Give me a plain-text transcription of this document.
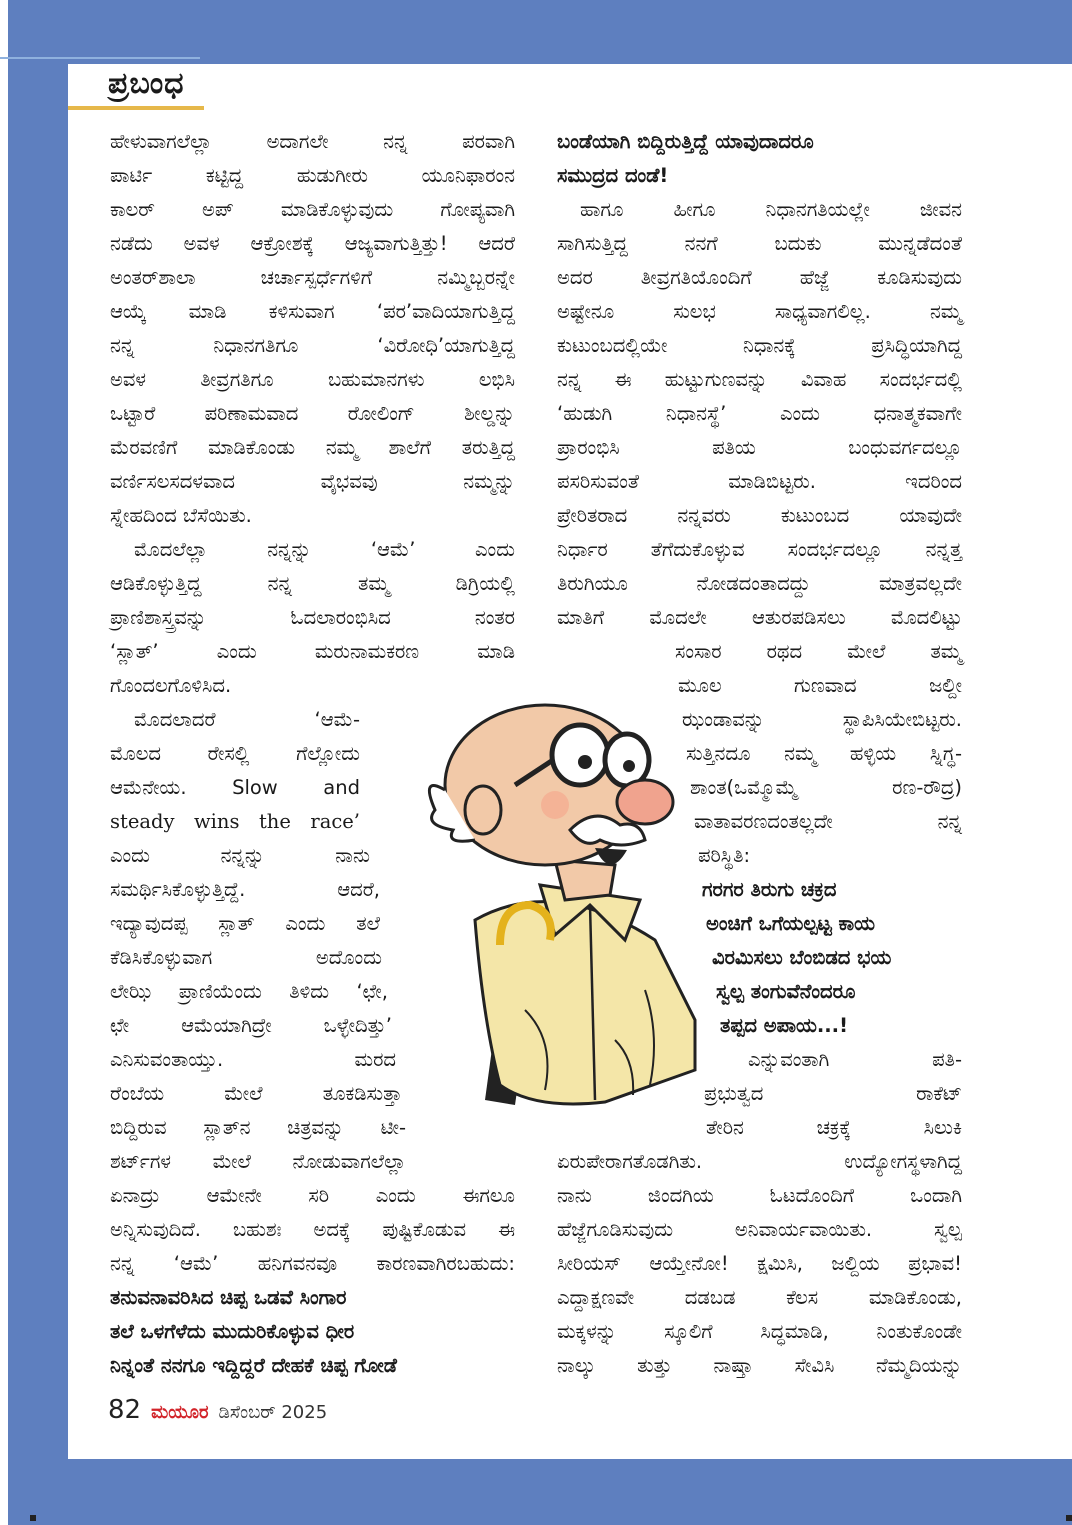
ಪ್ರಬಂಧ

ಹೇಳುವಾಗಲೆಲ್ಲಾ ಅದಾಗಲೇ ನನ್ನ ಪರವಾಗಿ

ಪಾರ್ಟಿ ಕಟ್ಟಿದ್ದ ಹುಡುಗೀರು ಯೂನಿಫಾರಂನ

ಕಾಲರ್ ಅಪ್ ಮಾಡಿಕೊಳ್ಳುವುದು ಗೋಪ್ಯವಾಗಿ

ನಡೆದು ಅವಳ ಆಕ್ರೋಶಕ್ಕೆ ಆಜ್ಯವಾಗುತ್ತಿತ್ತು! ಆದರೆ

ಅಂತರ್‌ಶಾಲಾ ಚರ್ಚಾಸ್ಪರ್ಧೆಗಳಿಗೆ ನಮ್ಮಿಬ್ಬರನ್ನೇ

ಆಯ್ಕೆ ಮಾಡಿ ಕಳಿಸುವಾಗ ‘ಪರ’ವಾದಿಯಾಗುತ್ತಿದ್ದ

ನನ್ನ ನಿಧಾನಗತಿಗೂ ‘ವಿರೋಧಿ’ಯಾಗುತ್ತಿದ್ದ

ಅವಳ ತೀವ್ರಗತಿಗೂ ಬಹುಮಾನಗಳು ಲಭಿಸಿ

ಒಟ್ಟಾರೆ ಪರಿಣಾಮವಾದ ರೋಲಿಂಗ್ ಶೀಲ್ಡನ್ನು

ಮೆರವಣಿಗೆ ಮಾಡಿಕೊಂಡು ನಮ್ಮ ಶಾಲೆಗೆ ತರುತ್ತಿದ್ದ

ವರ್ಣಿಸಲಸದಳವಾದ ವೈಭವವು ನಮ್ಮನ್ನು

ಸ್ನೇಹದಿಂದ ಬೆಸೆಯಿತು.

ಮೊದಲೆಲ್ಲಾ ನನ್ನನ್ನು ‘ಆಮೆ’ ಎಂದು

ಆಡಿಕೊಳ್ಳುತ್ತಿದ್ದ ನನ್ನ ತಮ್ಮ ಡಿಗ್ರಿಯಲ್ಲಿ

ಪ್ರಾಣಿಶಾಸ್ತ್ರವನ್ನು ಓದಲಾರಂಭಿಸಿದ ನಂತರ

‘ಸ್ಲಾತ್’ ಎಂದು ಮರುನಾಮಕರಣ ಮಾಡಿ

ಗೊಂದಲಗೊಳಿಸಿದ.

ಮೊದಲಾದರೆ ‘ಆಮೆ-

ಮೊಲದ ರೇಸಲ್ಲಿ ಗೆಲ್ಲೋದು

ಆಮೆನೇಯ. Slow and

steady wins the race’

ಎಂದು ನನ್ನನ್ನು ನಾನು

ಸಮರ್ಥಿಸಿಕೊಳ್ಳುತ್ತಿದ್ದೆ. ಆದರೆ,

ಇದ್ಯಾವುದಪ್ಪ ಸ್ಲಾತ್ ಎಂದು ತಲೆ

ಕೆಡಿಸಿಕೊಳ್ಳುವಾಗ ಅದೊಂದು

ಲೇಝಿ ಪ್ರಾಣಿಯೆಂದು ತಿಳಿದು ‘ಛೇ,

ಛೇ ಆಮೆಯಾಗಿದ್ರೇ ಒಳ್ಳೇದಿತ್ತು’

ಎನಿಸುವಂತಾಯ್ತು. ಮರದ

ರೆಂಬೆಯ ಮೇಲೆ ತೂಕಡಿಸುತ್ತಾ

ಬಿದ್ದಿರುವ ಸ್ಲಾತ್‌ನ ಚಿತ್ರವನ್ನು ಟೀ-

ಶರ್ಟ್‌ಗಳ ಮೇಲೆ ನೋಡುವಾಗಲೆಲ್ಲಾ

ಏನಾದ್ರು ಆಮೇನೇ ಸರಿ ಎಂದು ಈಗಲೂ

ಅನ್ನಿಸುವುದಿದೆ. ಬಹುಶಃ ಅದಕ್ಕೆ ಪುಷ್ಟಿಕೊಡುವ ಈ

ನನ್ನ ‘ಆಮೆ’ ಹನಿಗವನವೂ ಕಾರಣವಾಗಿರಬಹುದು:

ತನುವನಾವರಿಸಿದ ಚಿಪ್ಪ ಒಡವೆ ಸಿಂಗಾರ

ತಲೆ ಒಳಗೆಳೆದು ಮುದುರಿಕೊಳ್ಳುವ ಧೀರ

ನಿನ್ನಂತೆ ನನಗೂ ಇದ್ದಿದ್ದರೆ ದೇಹಕೆ ಚಿಪ್ಪ ಗೋಡೆ

ಬಂಡೆಯಾಗಿ ಬಿದ್ದಿರುತ್ತಿದ್ದೆ ಯಾವುದಾದರೂ

ಸಮುದ್ರದ ದಂಡೆ!

ಹಾಗೂ ಹೀಗೂ ನಿಧಾನಗತಿಯಲ್ಲೇ ಜೀವನ

ಸಾಗಿಸುತ್ತಿದ್ದ ನನಗೆ ಬದುಕು ಮುನ್ನಡೆದಂತೆ

ಅದರ ತೀವ್ರಗತಿಯೊಂದಿಗೆ ಹೆಜ್ಜೆ ಕೂಡಿಸುವುದು

ಅಷ್ಟೇನೂ ಸುಲಭ ಸಾಧ್ಯವಾಗಲಿಲ್ಲ. ನಮ್ಮ

ಕುಟುಂಬದಲ್ಲಿಯೇ ನಿಧಾನಕ್ಕೆ ಪ್ರಸಿದ್ಧಿಯಾಗಿದ್ದ

ನನ್ನ ಈ ಹುಟ್ಟುಗುಣವನ್ನು ವಿವಾಹ ಸಂದರ್ಭದಲ್ಲಿ

‘ಹುಡುಗಿ ನಿಧಾನಸ್ಥೆ’ ಎಂದು ಧನಾತ್ಮಕವಾಗೇ

ಪ್ರಾರಂಭಿಸಿ ಪತಿಯ ಬಂಧುವರ್ಗದಲ್ಲೂ

ಪಸರಿಸುವಂತೆ ಮಾಡಿಬಿಟ್ಟರು. ಇದರಿಂದ

ಪ್ರೇರಿತರಾದ ನನ್ನವರು ಕುಟುಂಬದ ಯಾವುದೇ

ನಿರ್ಧಾರ ತೆಗೆದುಕೊಳ್ಳುವ ಸಂದರ್ಭದಲ್ಲೂ ನನ್ನತ್ತ

ತಿರುಗಿಯೂ ನೋಡದಂತಾದದ್ದು ಮಾತ್ರವಲ್ಲದೇ

ಮಾತಿಗೆ ಮೊದಲೇ ಆತುರಪಡಿಸಲು ಮೊದಲಿಟ್ಟು

ಸಂಸಾರ ರಥದ ಮೇಲೆ ತಮ್ಮ

ಮೂಲ ಗುಣವಾದ ಜಲ್ದೀ

ಝಂಡಾವನ್ನು ಸ್ಥಾಪಿಸಿಯೇಬಿಟ್ಟರು.

ಸುತ್ತಿನದೂ ನಮ್ಮ ಹಳ್ಳಿಯ ಸ್ನಿಗ್ಧ-

ಶಾಂತ(ಒಮ್ಮೊಮ್ಮೆ ರಣ-ರೌದ್ರ)

ವಾತಾವರಣದಂತಲ್ಲದೇ ನನ್ನ

ಪರಿಸ್ಥಿತಿ:

ಗರಗರ ತಿರುಗು ಚಕ್ರದ

ಅಂಚಿಗೆ ಒಗೆಯಲ್ಪಟ್ಟ ಕಾಯ

ವಿರಮಿಸಲು ಬೆಂಬಿಡದ ಭಯ

ಸ್ವಲ್ಪ ತಂಗುವೆನೆಂದರೂ

ತಪ್ಪದ ಅಪಾಯ...!

ಎನ್ನುವಂತಾಗಿ ಪತಿ-

ಪ್ರಭುತ್ವದ ರಾಕೆಟ್

ತೇರಿನ ಚಕ್ರಕ್ಕೆ ಸಿಲುಕಿ

ಏರುಪೇರಾಗತೊಡಗಿತು. ಉದ್ಯೋಗಸ್ಥಳಾಗಿದ್ದ

ನಾನು ಜಿಂದಗಿಯ ಓಟದೊಂದಿಗೆ ಒಂದಾಗಿ

ಹೆಜ್ಜೆಗೂಡಿಸುವುದು ಅನಿವಾರ್ಯವಾಯಿತು. ಸ್ವಲ್ಪ

ಸೀರಿಯಸ್ ಆಯ್ತೇನೋ! ಕ್ಷಮಿಸಿ, ಜಲ್ದಿಯ ಪ್ರಭಾವ!

ಎದ್ದಾಕ್ಷಣವೇ ದಡಬಡ ಕೆಲಸ ಮಾಡಿಕೊಂಡು,

ಮಕ್ಕಳನ್ನು ಸ್ಕೂಲಿಗೆ ಸಿದ್ಧಮಾಡಿ, ನಿಂತುಕೊಂಡೇ

ನಾಲ್ಕು ತುತ್ತು ನಾಷ್ತಾ ಸೇವಿಸಿ ನೆಮ್ಮದಿಯನ್ನು

82 ಮಯೂರ ಡಿಸೆಂಬರ್ 2025
